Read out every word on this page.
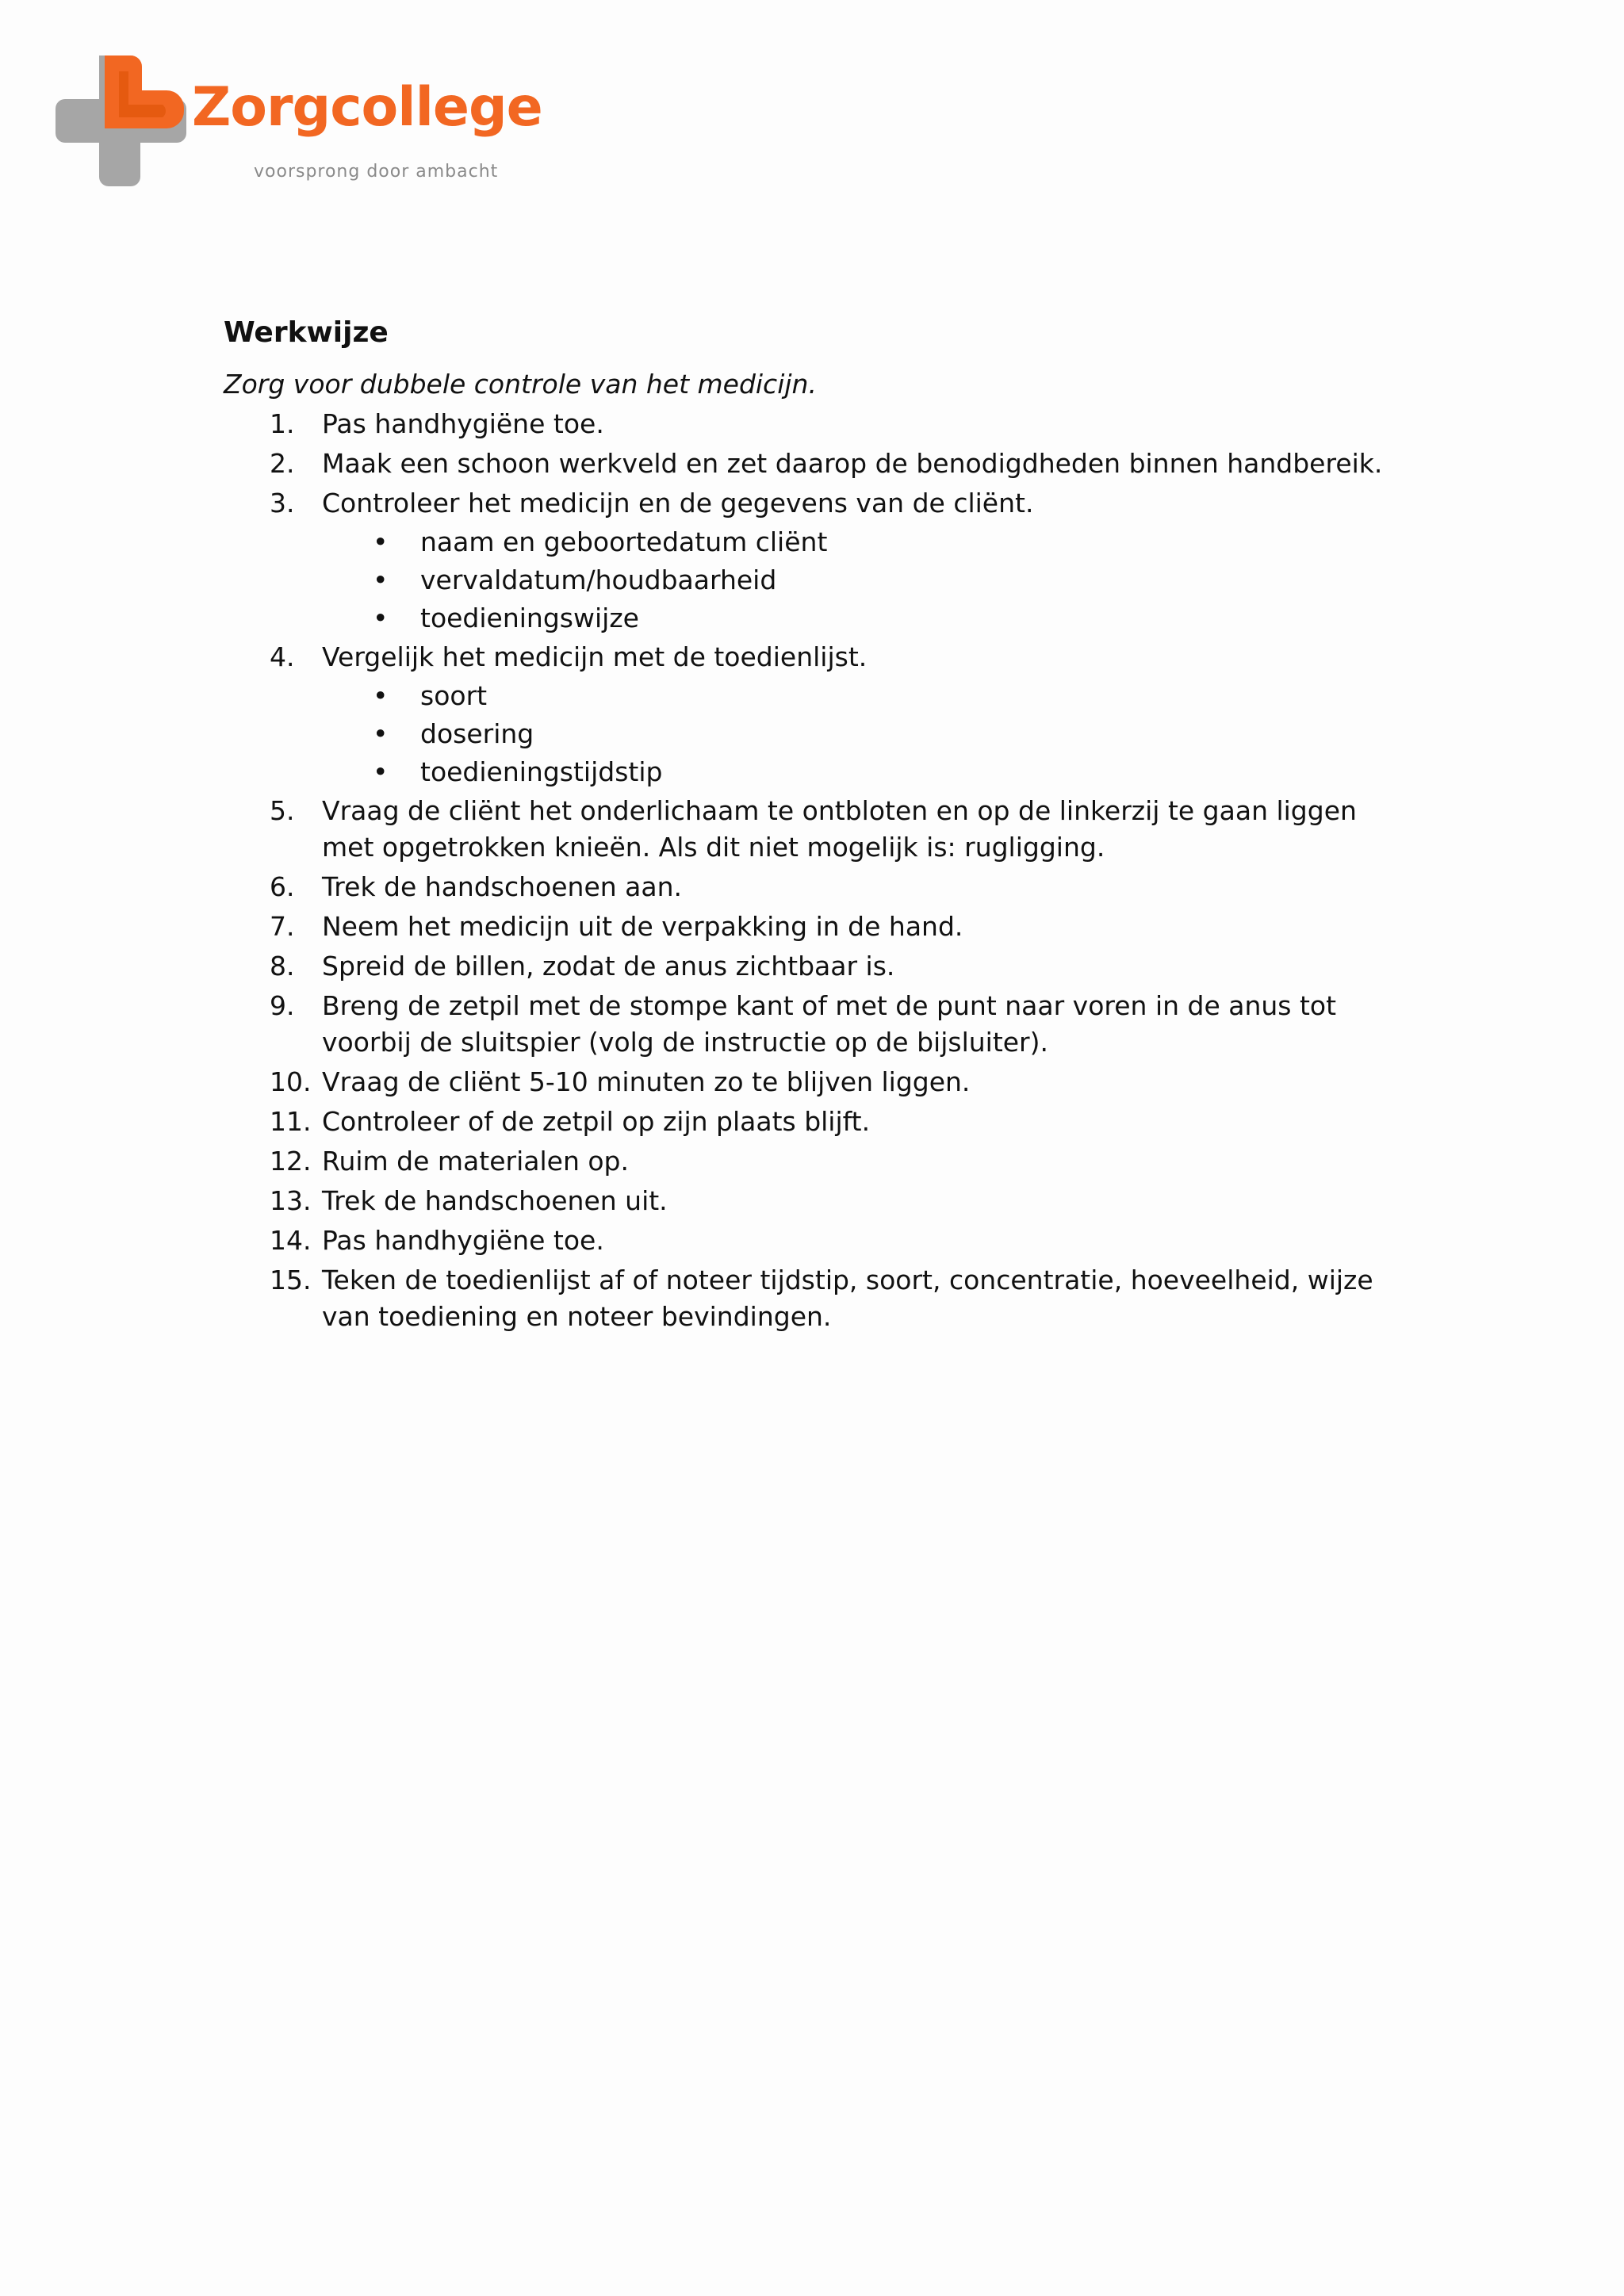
Zorgcollege
voorsprong door ambacht
Werkwijze

Zorg voor dubbele controle van het medicijn.

1. Pas handhygiëne toe.
2. Maak een schoon werkveld en zet daarop de benodigdheden binnen handbereik.
3. Controleer het medicijn en de gegevens van de cliënt.
• naam en geboortedatum cliënt
• vervaldatum/houdbaarheid
• toedieningswijze
4. Vergelijk het medicijn met de toedienlijst.
• soort
• dosering
• toedieningstijdstip
5. Vraag de cliënt het onderlichaam te ontbloten en op de linkerzij te gaan liggen met opgetrokken knieën. Als dit niet mogelijk is: rugligging.
6. Trek de handschoenen aan.
7. Neem het medicijn uit de verpakking in de hand.
8. Spreid de billen, zodat de anus zichtbaar is.
9. Breng de zetpil met de stompe kant of met de punt naar voren in de anus tot voorbij de sluitspier (volg de instructie op de bijsluiter).
10. Vraag de cliënt 5-10 minuten zo te blijven liggen.
11. Controleer of de zetpil op zijn plaats blijft.
12. Ruim de materialen op.
13. Trek de handschoenen uit.
14. Pas handhygiëne toe.
15. Teken de toedienlijst af of noteer tijdstip, soort, concentratie, hoeveelheid, wijze van toediening en noteer bevindingen.
